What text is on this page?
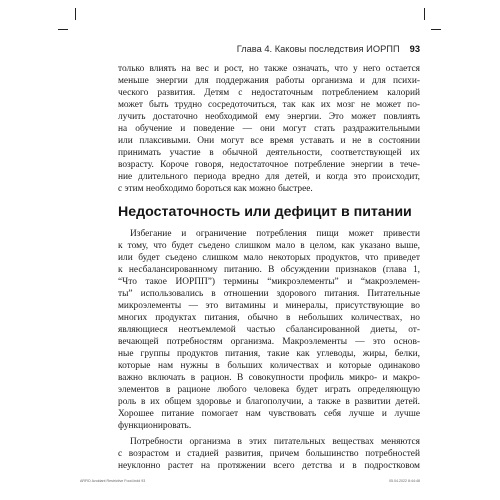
Глава 4. Каковы последствия ИОРПП 93
только влиять на вес и рост, но также означать, что у него остается
меньше энергии для поддержания работы организма и для психи-
ческого развития. Детям с недостаточным потреблением калорий
может быть трудно сосредоточиться, так как их мозг не может по-
лучить достаточно необходимой ему энергии. Это может повлиять
на обучение и поведение — они могут стать раздражительными
или плаксивыми. Они могут все время уставать и не в состоянии
принимать участие в обычной деятельности, соответствующей их
возрасту. Короче говоря, недостаточное потребление энергии в тече-
ние длительного периода вредно для детей, и когда это происходит,
с этим необходимо бороться как можно быстрее.
Недостаточность или дефицит в питании
Избегание и ограничение потребления пищи может привести
к тому, что будет съедено слишком мало в целом, как указано выше,
или будет съедено слишком мало некоторых продуктов, что приведет
к несбалансированному питанию. В обсуждении признаков (глава 1,
“Что такое ИОРПП”) термины “микроэлементы” и “макроэлемен-
ты” использовались в отношении здорового питания. Питательные
микроэлементы — это витамины и минералы, присутствующие во
многих продуктах питания, обычно в небольших количествах, но
являющиеся неотъемлемой частью сбалансированной диеты, от-
вечающей потребностям организма. Макроэлементы — это основ-
ные группы продуктов питания, такие как углеводы, жиры, белки,
которые нам нужны в больших количествах и которые одинаково
важно включать в рацион. В совокупности профиль микро- и макро-
элементов в рационе любого человека будет играть определяющую
роль в их общем здоровье и благополучии, а также в развитии детей.
Хорошее питание помогает нам чувствовать себя лучше и лучше
функционировать.
Потребности организма в этих питательных веществах меняются
с возрастом и стадией развития, причем большинство потребностей
неуклонно растет на протяжении всего детства и в подростковом
ARFID Avoidant Restrictive Food.indd 93	05.04.2022 8:44:48
